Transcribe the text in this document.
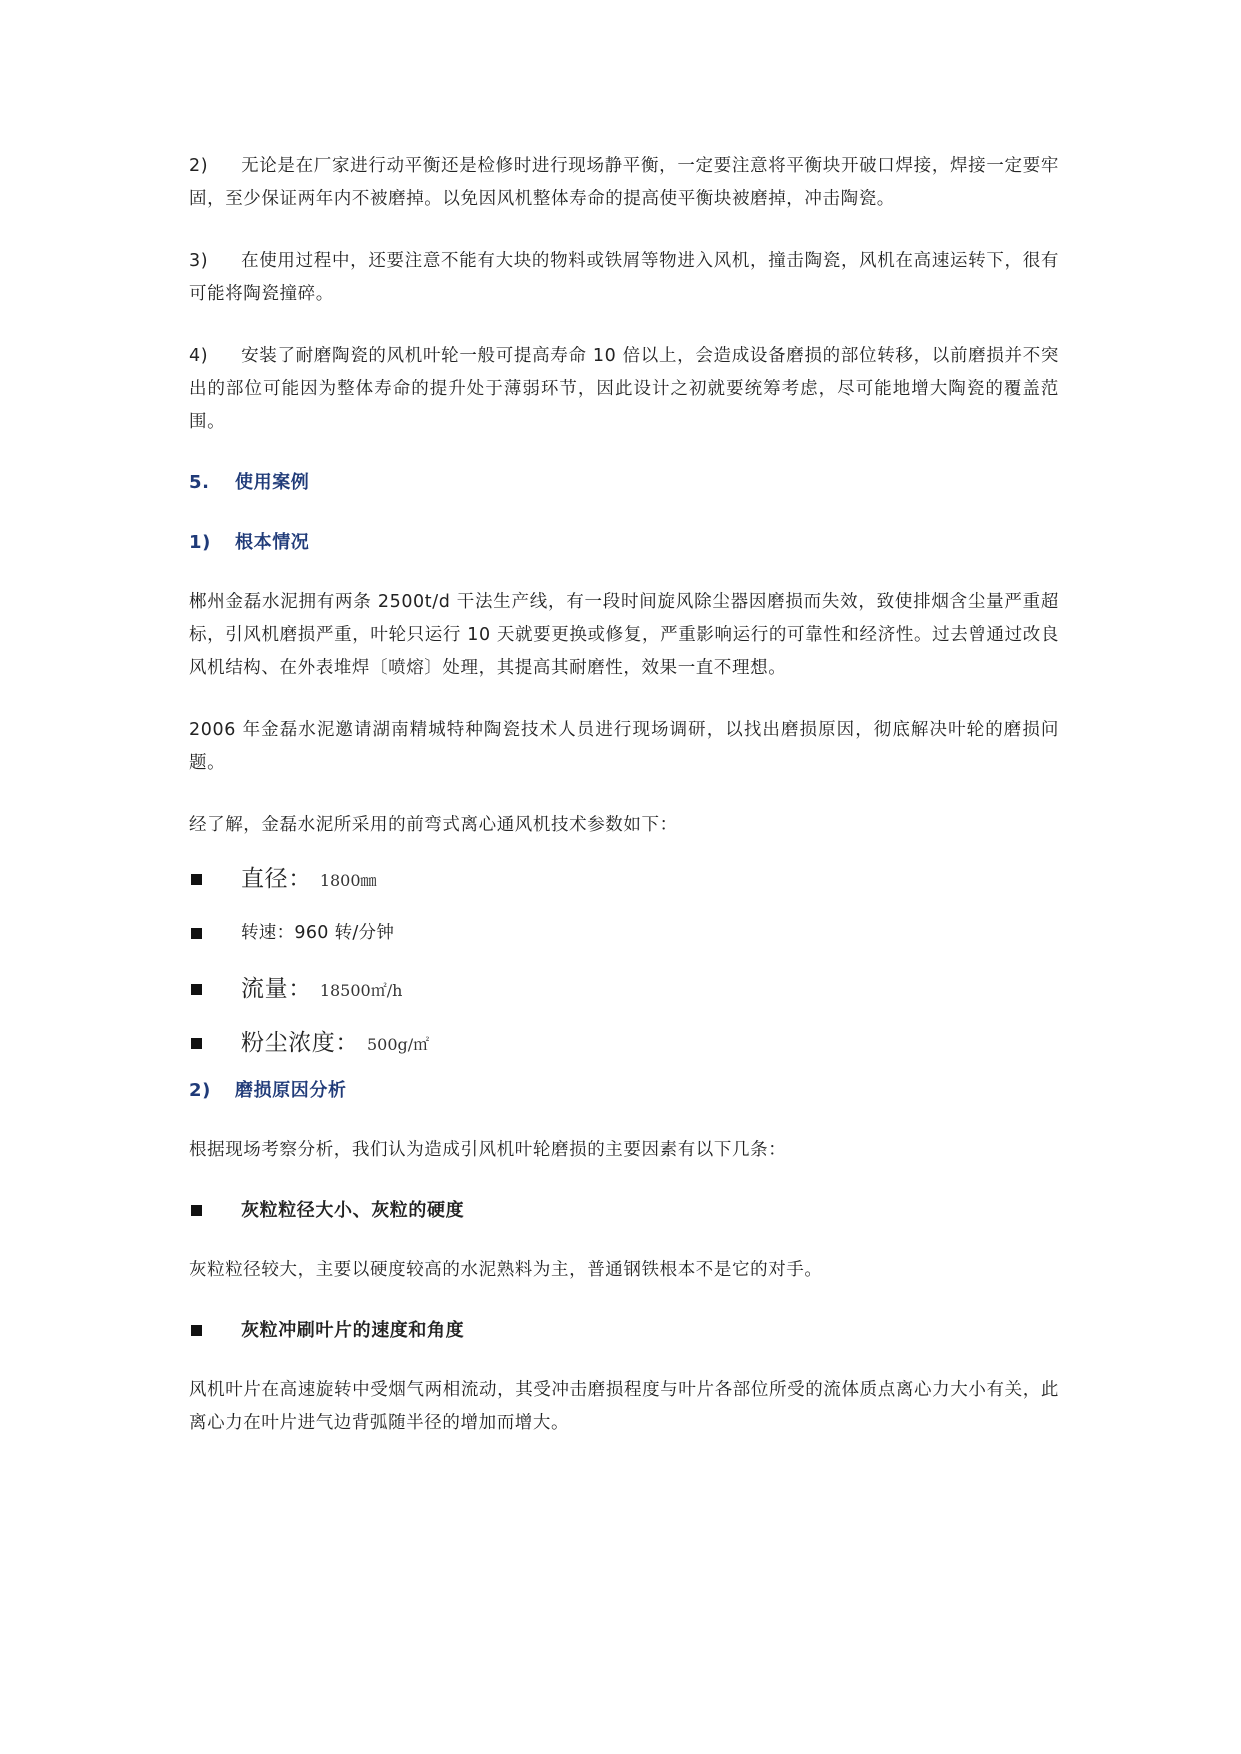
2) 无论是在厂家进行动平衡还是检修时进行现场静平衡，一定要注意将平衡块开破口焊接，焊接一定要牢固，至少保证两年内不被磨掉。以免因风机整体寿命的提高使平衡块被磨掉，冲击陶瓷。

3) 在使用过程中，还要注意不能有大块的物料或铁屑等物进入风机，撞击陶瓷，风机在高速运转下，很有可能将陶瓷撞碎。

4) 安装了耐磨陶瓷的风机叶轮一般可提高寿命 10 倍以上，会造成设备磨损的部位转移，以前磨损并不突出的部位可能因为整体寿命的提升处于薄弱环节，因此设计之初就要统筹考虑，尽可能地增大陶瓷的覆盖范围。

5. 使用案例

1) 根本情况

郴州金磊水泥拥有两条 2500t/d 干法生产线，有一段时间旋风除尘器因磨损而失效，致使排烟含尘量严重超标，引风机磨损严重，叶轮只运行 10 天就要更换或修复，严重影响运行的可靠性和经济性。过去曾通过改良风机结构、在外表堆焊〔喷熔〕处理，其提高其耐磨性，效果一直不理想。

2006 年金磊水泥邀请湖南精城特种陶瓷技术人员进行现场调研，以找出磨损原因，彻底解决叶轮的磨损问题。

经了解，金磊水泥所采用的前弯式离心通风机技术参数如下：

直径： 1800㎜
转速：960 转/分钟
流量： 18500㎡/h
粉尘浓度： 500g/㎡

2) 磨损原因分析

根据现场考察分析，我们认为造成引风机叶轮磨损的主要因素有以下几条：

灰粒粒径大小、灰粒的硬度

灰粒粒径较大，主要以硬度较高的水泥熟料为主，普通钢铁根本不是它的对手。

灰粒冲刷叶片的速度和角度

风机叶片在高速旋转中受烟气两相流动，其受冲击磨损程度与叶片各部位所受的流体质点离心力大小有关，此离心力在叶片进气边背弧随半径的增加而增大。
